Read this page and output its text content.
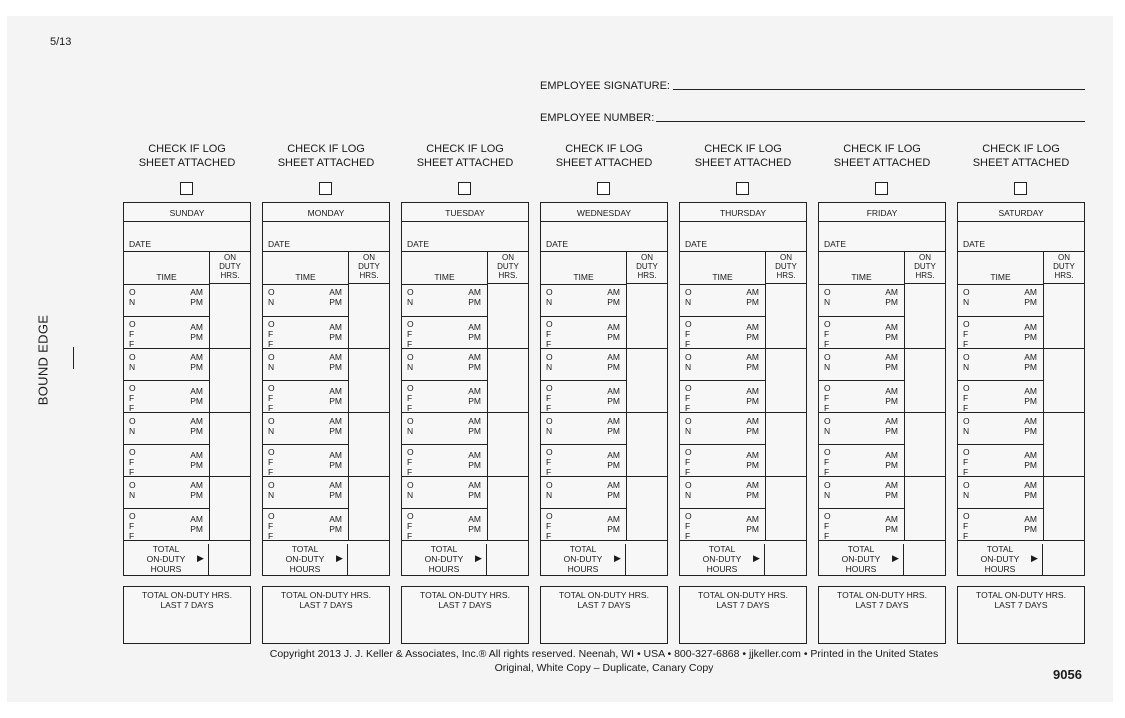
5/13
EMPLOYEE SIGNATURE:
EMPLOYEE NUMBER:
BOUND EDGE
CHECK IF LOG
SHEET ATTACHED
SUNDAY
DATE
TIME
ON
DUTY
HRS.
O
N
AM
PM
O
F
F
AM
PM
O
N
AM
PM
O
F
F
AM
PM
O
N
AM
PM
O
F
F
AM
PM
O
N
AM
PM
O
F
F
AM
PM
TOTAL
ON-DUTY
HOURS
▶
TOTAL ON-DUTY HRS.
LAST 7 DAYS
CHECK IF LOG
SHEET ATTACHED
MONDAY
DATE
TIME
ON
DUTY
HRS.
O
N
AM
PM
O
F
F
AM
PM
O
N
AM
PM
O
F
F
AM
PM
O
N
AM
PM
O
F
F
AM
PM
O
N
AM
PM
O
F
F
AM
PM
TOTAL
ON-DUTY
HOURS
▶
TOTAL ON-DUTY HRS.
LAST 7 DAYS
CHECK IF LOG
SHEET ATTACHED
TUESDAY
DATE
TIME
ON
DUTY
HRS.
O
N
AM
PM
O
F
F
AM
PM
O
N
AM
PM
O
F
F
AM
PM
O
N
AM
PM
O
F
F
AM
PM
O
N
AM
PM
O
F
F
AM
PM
TOTAL
ON-DUTY
HOURS
▶
TOTAL ON-DUTY HRS.
LAST 7 DAYS
CHECK IF LOG
SHEET ATTACHED
WEDNESDAY
DATE
TIME
ON
DUTY
HRS.
O
N
AM
PM
O
F
F
AM
PM
O
N
AM
PM
O
F
F
AM
PM
O
N
AM
PM
O
F
F
AM
PM
O
N
AM
PM
O
F
F
AM
PM
TOTAL
ON-DUTY
HOURS
▶
TOTAL ON-DUTY HRS.
LAST 7 DAYS
CHECK IF LOG
SHEET ATTACHED
THURSDAY
DATE
TIME
ON
DUTY
HRS.
O
N
AM
PM
O
F
F
AM
PM
O
N
AM
PM
O
F
F
AM
PM
O
N
AM
PM
O
F
F
AM
PM
O
N
AM
PM
O
F
F
AM
PM
TOTAL
ON-DUTY
HOURS
▶
TOTAL ON-DUTY HRS.
LAST 7 DAYS
CHECK IF LOG
SHEET ATTACHED
FRIDAY
DATE
TIME
ON
DUTY
HRS.
O
N
AM
PM
O
F
F
AM
PM
O
N
AM
PM
O
F
F
AM
PM
O
N
AM
PM
O
F
F
AM
PM
O
N
AM
PM
O
F
F
AM
PM
TOTAL
ON-DUTY
HOURS
▶
TOTAL ON-DUTY HRS.
LAST 7 DAYS
CHECK IF LOG
SHEET ATTACHED
SATURDAY
DATE
TIME
ON
DUTY
HRS.
O
N
AM
PM
O
F
F
AM
PM
O
N
AM
PM
O
F
F
AM
PM
O
N
AM
PM
O
F
F
AM
PM
O
N
AM
PM
O
F
F
AM
PM
TOTAL
ON-DUTY
HOURS
▶
TOTAL ON-DUTY HRS.
LAST 7 DAYS
Copyright 2013 J. J. Keller & Associates, Inc.® All rights reserved. Neenah, WI • USA • 800-327-6868 • jjkeller.com • Printed in the United States
Original, White Copy – Duplicate, Canary Copy	9056
